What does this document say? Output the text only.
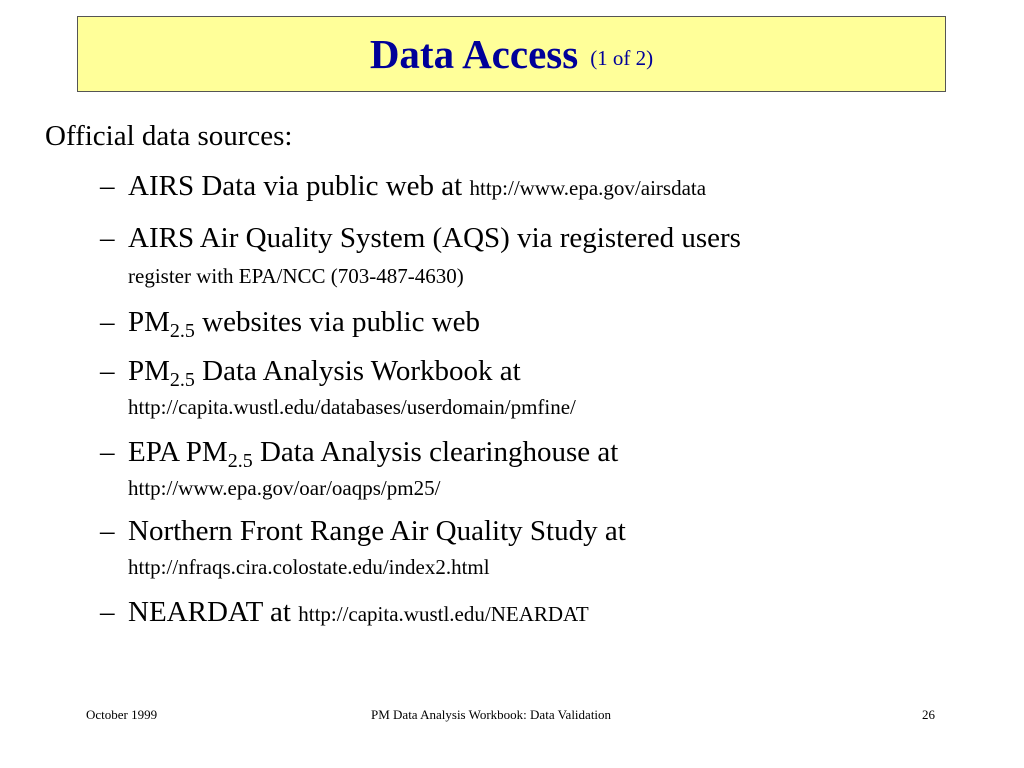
Data Access (1 of 2)
Official data sources:
– AIRS Data via public web at http://www.epa.gov/airsdata
– AIRS Air Quality System (AQS) via registered users
register with EPA/NCC (703-487-4630)
– $PM_{2.5}$ websites via public web
– $PM_{2.5}$ Data Analysis Workbook at
http://capita.wustl.edu/databases/userdomain/pmfine/
– EPA $PM_{2.5}$ Data Analysis clearinghouse at
http://www.epa.gov/oar/oaqps/pm25/
– Northern Front Range Air Quality Study at
http://nfraqs.cira.colostate.edu/index2.html
– NEARDAT at http://capita.wustl.edu/NEARDAT
October 1999	PM Data Analysis Workbook: Data Validation	26
